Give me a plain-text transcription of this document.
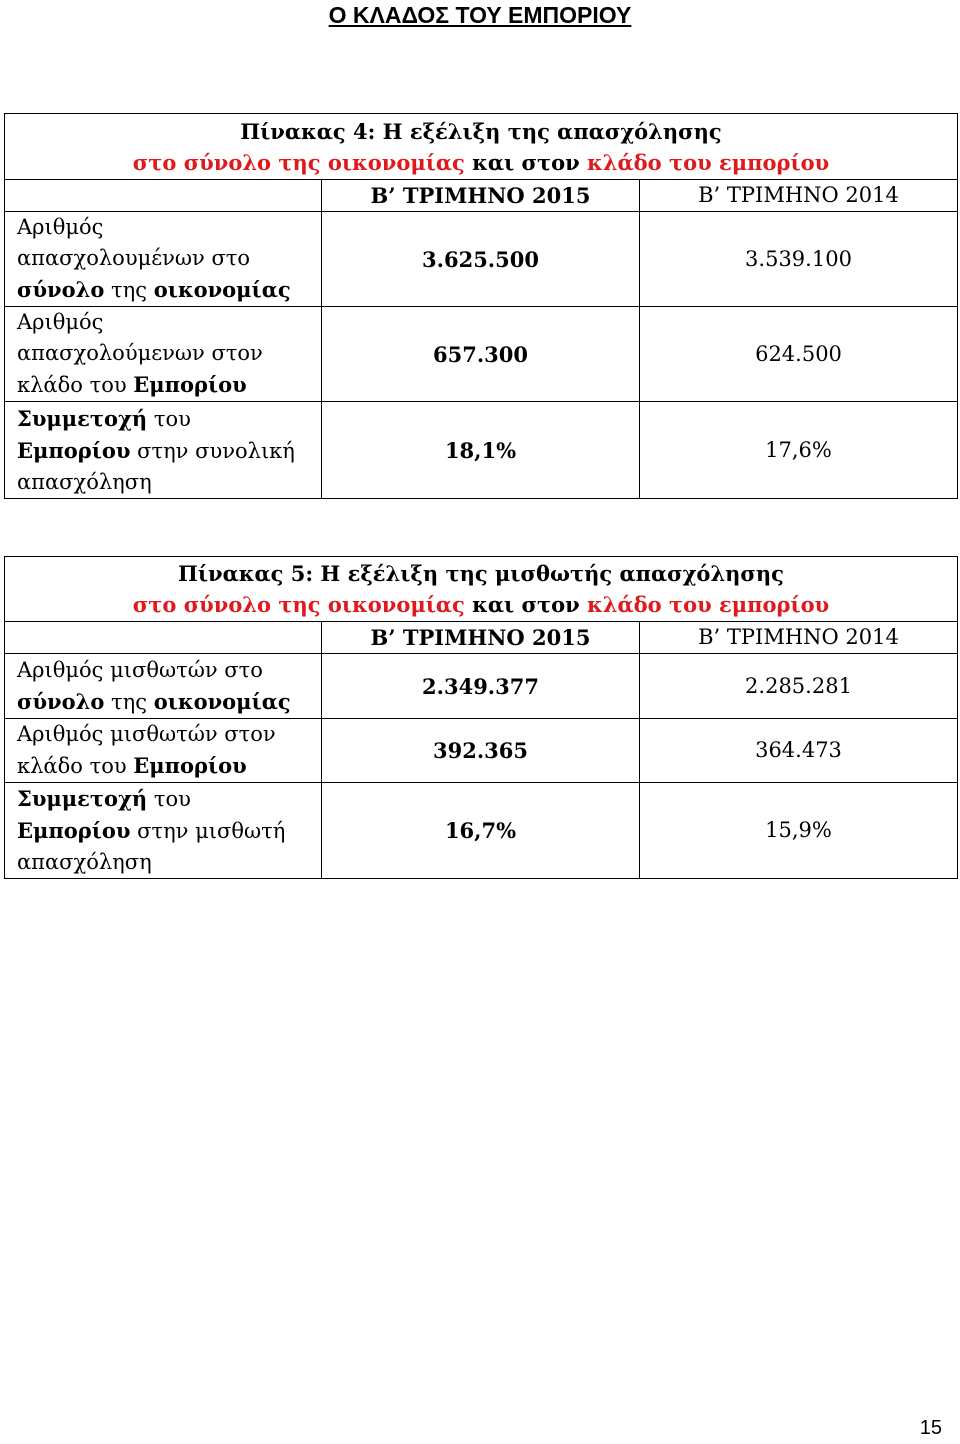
Ο ΚΛΑΔΟΣ ΤΟΥ ΕΜΠΟΡΙΟΥ
Πίνακας 4: Η εξέλιξη της απασχόλησης
στο σύνολο της οικονομίας και στον κλάδο του εμπορίου		

	Β’ ΤΡΙΜΗΝΟ 2015	Β’ ΤΡΙΜΗΝΟ 2014

Αριθμός
απασχολουμένων στο
σύνολο της οικονομίας	3.625.500	3.539.100

Αριθμός
απασχολούμενων στον
κλάδο του Εμπορίου	657.300	624.500

Συμμετοχή του
Εμπορίου στην συνολική
απασχόληση	18,1%	17,6%
Πίνακας 5: Η εξέλιξη της μισθωτής απασχόλησης
στο σύνολο της οικονομίας και στον κλάδο του εμπορίου		

	Β’ ΤΡΙΜΗΝΟ 2015	Β’ ΤΡΙΜΗΝΟ 2014

Αριθμός μισθωτών στο
σύνολο της οικονομίας	2.349.377	2.285.281

Αριθμός μισθωτών στον
κλάδο του Εμπορίου	392.365	364.473

Συμμετοχή του
Εμπορίου στην μισθωτή
απασχόληση	16,7%	15,9%
15
